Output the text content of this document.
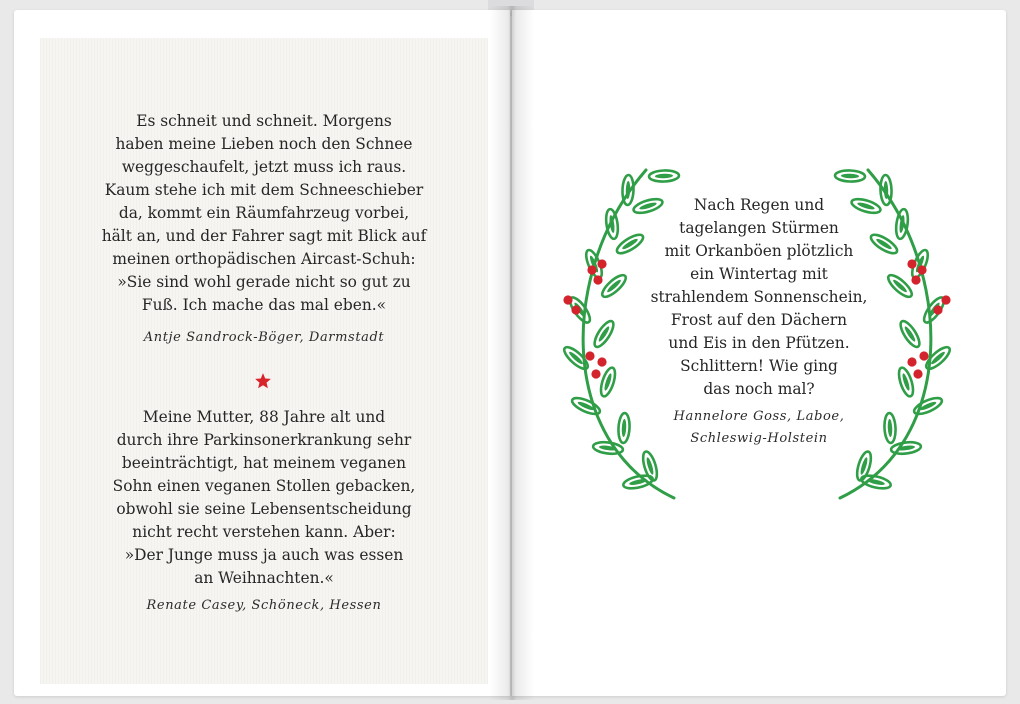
Es schneit und schneit. Morgens
haben meine Lieben noch den Schnee
weggeschaufelt, jetzt muss ich raus.
Kaum stehe ich mit dem Schneeschieber
da, kommt ein Räumfahrzeug vorbei,
hält an, und der Fahrer sagt mit Blick auf
meinen orthopädischen Aircast-Schuh:
»Sie sind wohl gerade nicht so gut zu
Fuß. Ich mache das mal eben.«
Antje Sandrock-Böger, Darmstadt
Meine Mutter, 88 Jahre alt und
durch ihre Parkinsonerkrankung sehr
beeinträchtigt, hat meinem veganen
Sohn einen veganen Stollen gebacken,
obwohl sie seine Lebensentscheidung
nicht recht verstehen kann. Aber:
»Der Junge muss ja auch was essen
an Weihnachten.«
Renate Casey, Schöneck, Hessen
Nach Regen und
tagelangen Stürmen
mit Orkanböen plötzlich
ein Wintertag mit
strahlendem Sonnenschein,
Frost auf den Dächern
und Eis in den Pfützen.
Schlittern! Wie ging
das noch mal?
Hannelore Goss, Laboe,
Schleswig-Holstein
